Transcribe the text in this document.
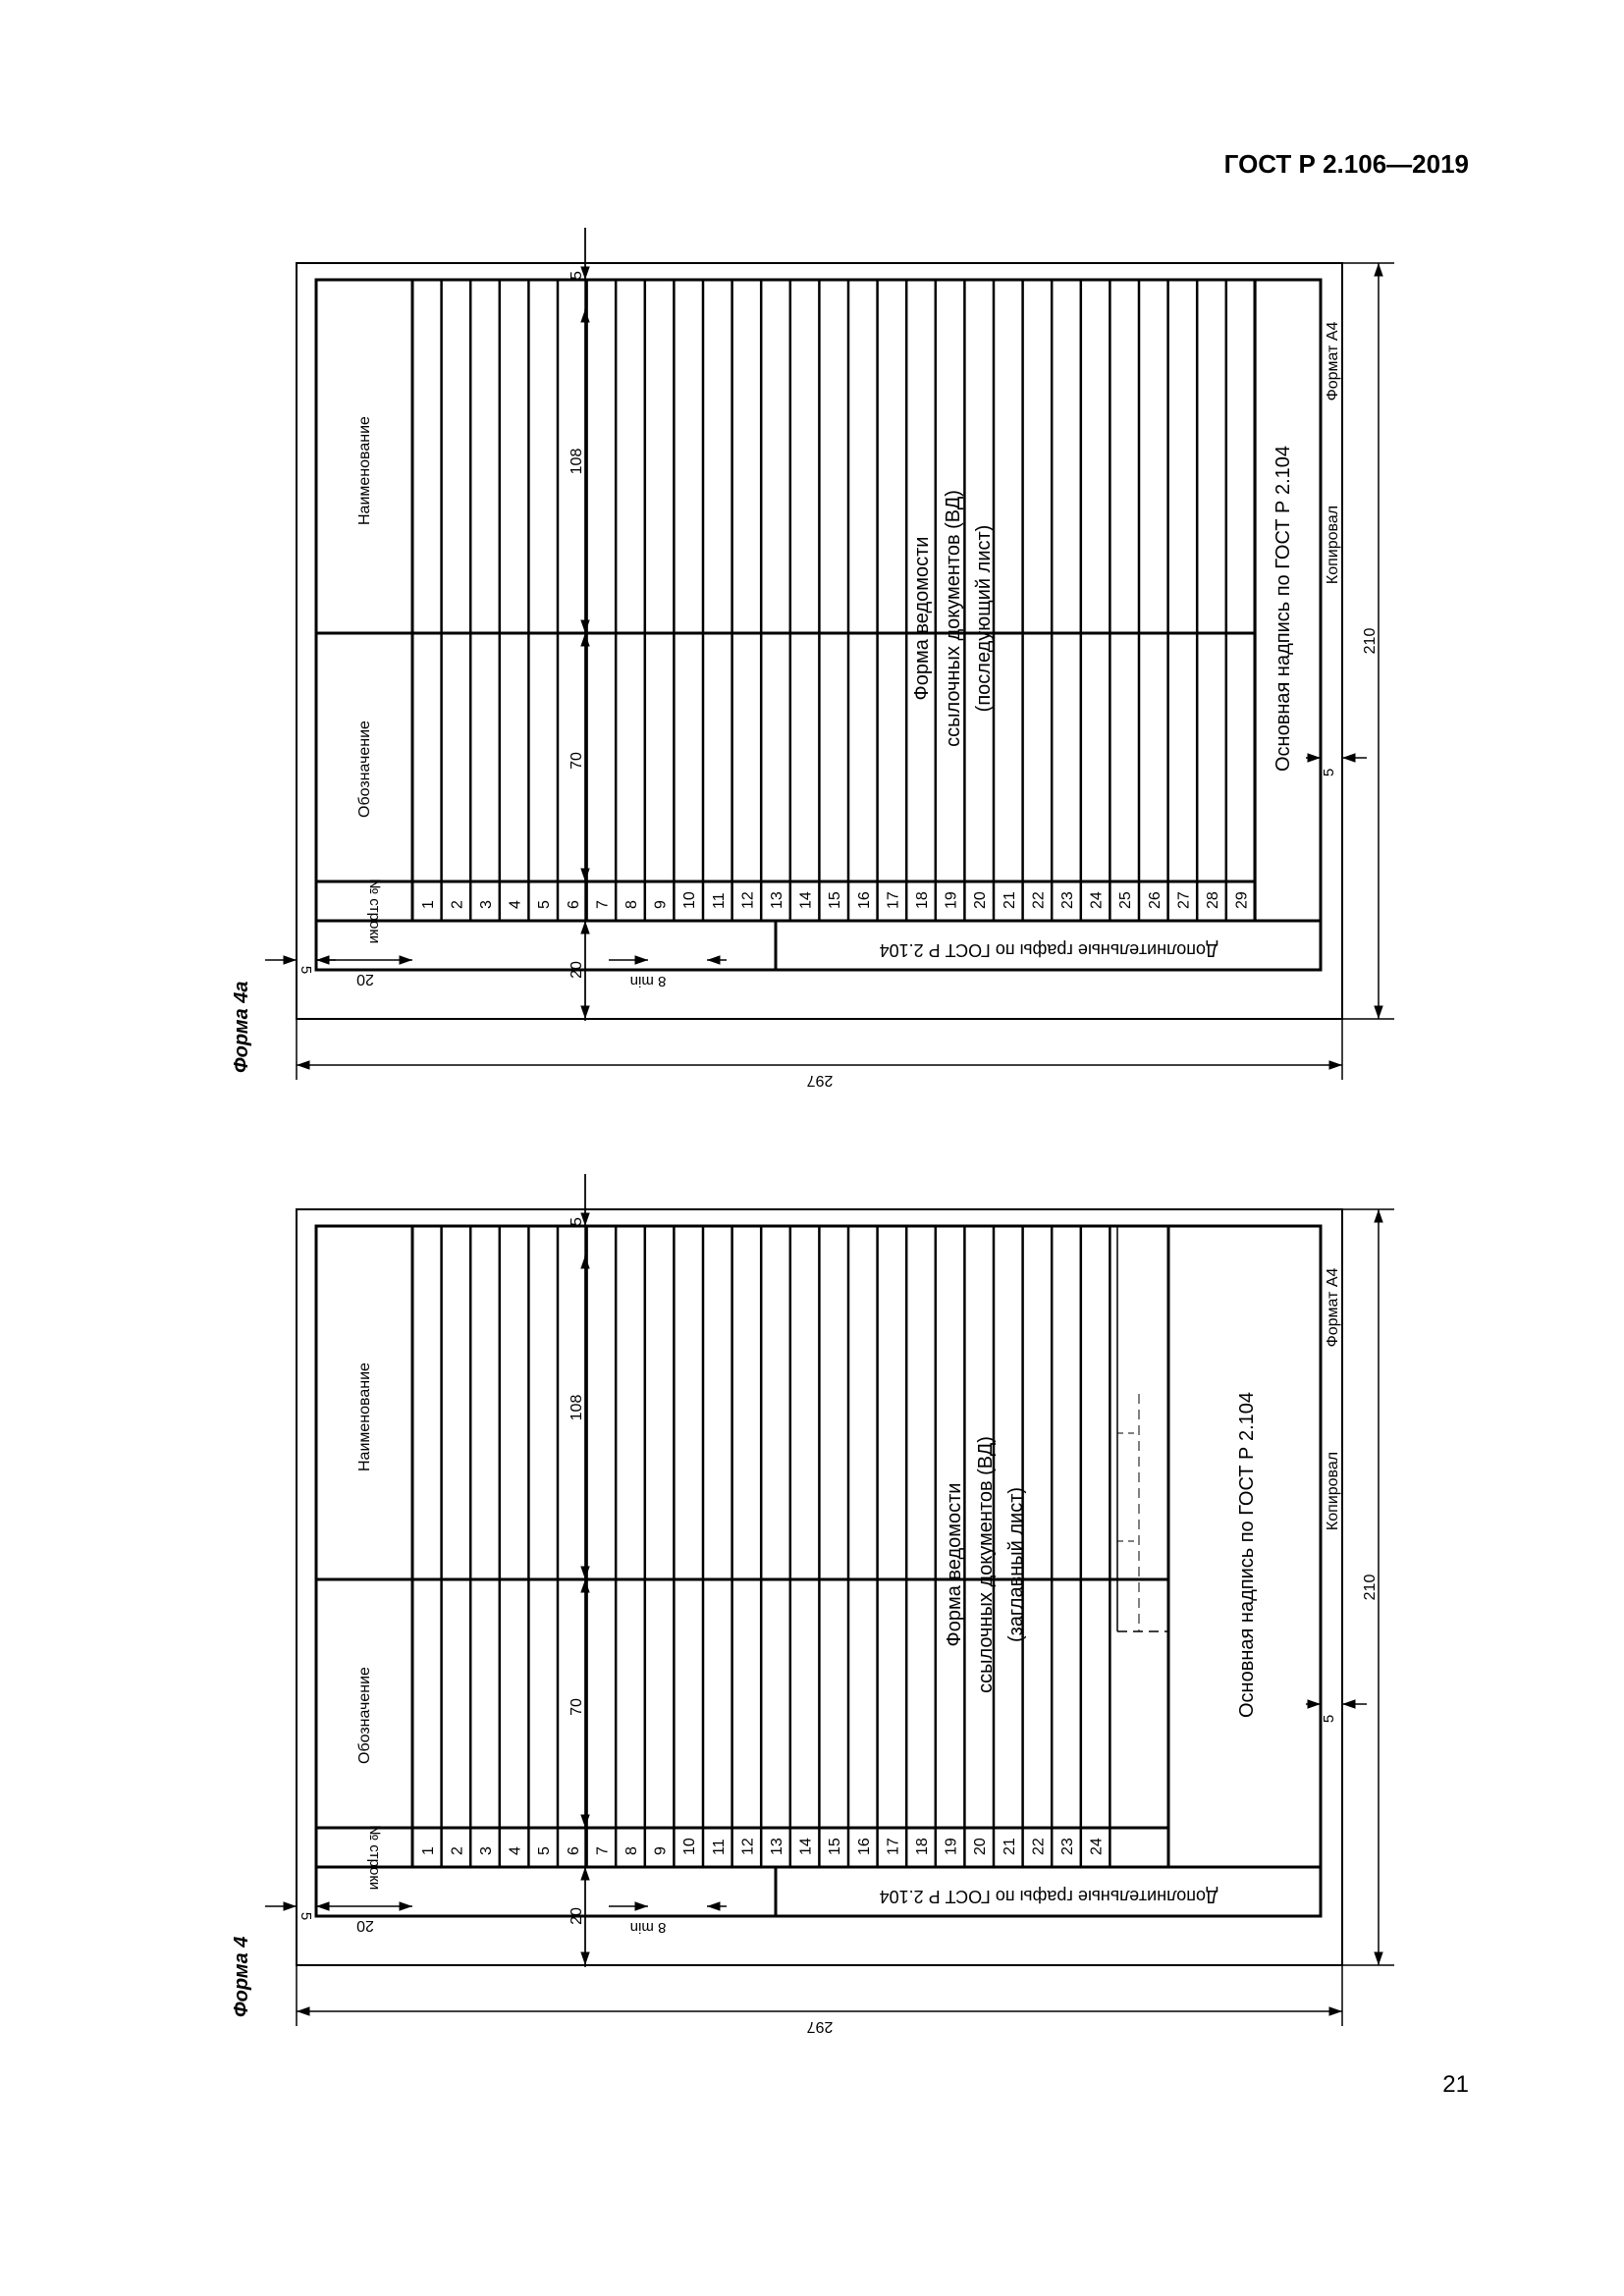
ГОСТ Р 2.106—2019
21
1 2 3 4 5 6 7 8 9 10 11 12 13 14 15 16 17 18 19 20 21 22 23 24 25 26 27 28 29
1 2 3 4 5 6 7 8 9 10 11 12 13 14 15 16 17 18 19 20 21 22 23 24
Форма 4а
№ строки
Обозначение
Наименование
Форма ведомости ссылочных документов (ВД) (последующий лист)	Основная надпись по ГОСТ Р 2.104 Копировал
Формат А4
Дополнительные графы по ГОСТ Р 2.104
5
108
70
20
5
20	8 min
297
210
5
Форма 4
№ строки
Обозначение
Наименование
Форма ведомости ссылочных документов (ВД) (заглавный лист)	Основная надпись по ГОСТ Р 2.104	Копировал
Формат А4
Дополнительные графы по ГОСТ Р 2.104
5
108
70
20
5
20	8 min
297
210
5
